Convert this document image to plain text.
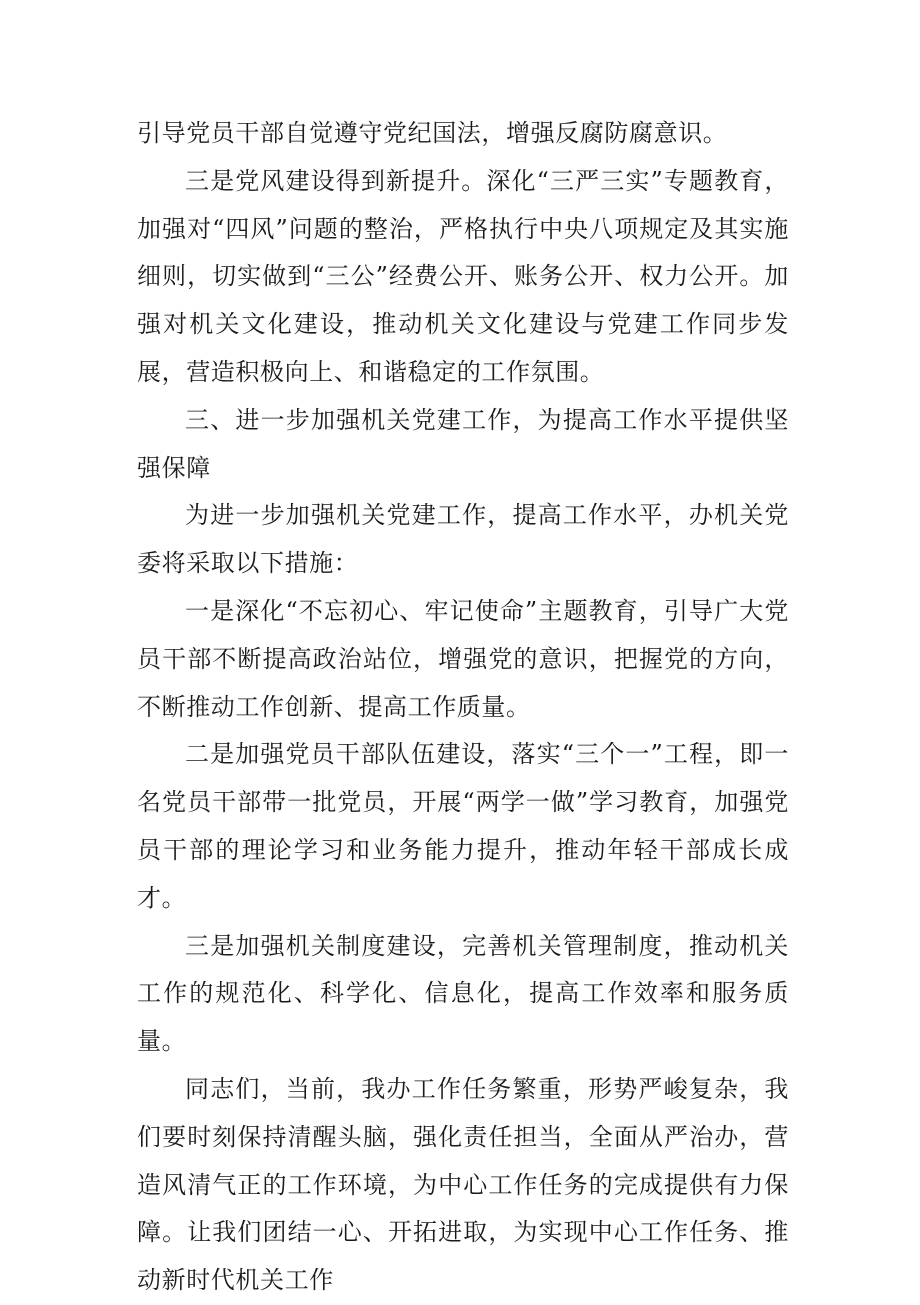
引导党员干部自觉遵守党纪国法，增强反腐防腐意识。

三是党风建设得到新提升。深化“三严三实”专题教育，加强对“四风”问题的整治，严格执行中央八项规定及其实施细则，切实做到“三公”经费公开、账务公开、权力公开。加强对机关文化建设，推动机关文化建设与党建工作同步发展，营造积极向上、和谐稳定的工作氛围。

三、进一步加强机关党建工作，为提高工作水平提供坚强保障

为进一步加强机关党建工作，提高工作水平，办机关党委将采取以下措施：

一是深化“不忘初心、牢记使命”主题教育，引导广大党员干部不断提高政治站位，增强党的意识，把握党的方向，不断推动工作创新、提高工作质量。

二是加强党员干部队伍建设，落实“三个一”工程，即一名党员干部带一批党员，开展“两学一做”学习教育，加强党员干部的理论学习和业务能力提升，推动年轻干部成长成才。

三是加强机关制度建设，完善机关管理制度，推动机关工作的规范化、科学化、信息化，提高工作效率和服务质量。

同志们，当前，我办工作任务繁重，形势严峻复杂，我们要时刻保持清醒头脑，强化责任担当，全面从严治办，营造风清气正的工作环境，为中心工作任务的完成提供有力保障。让我们团结一心、开拓进取，为实现中心工作任务、推动新时代机关工作
